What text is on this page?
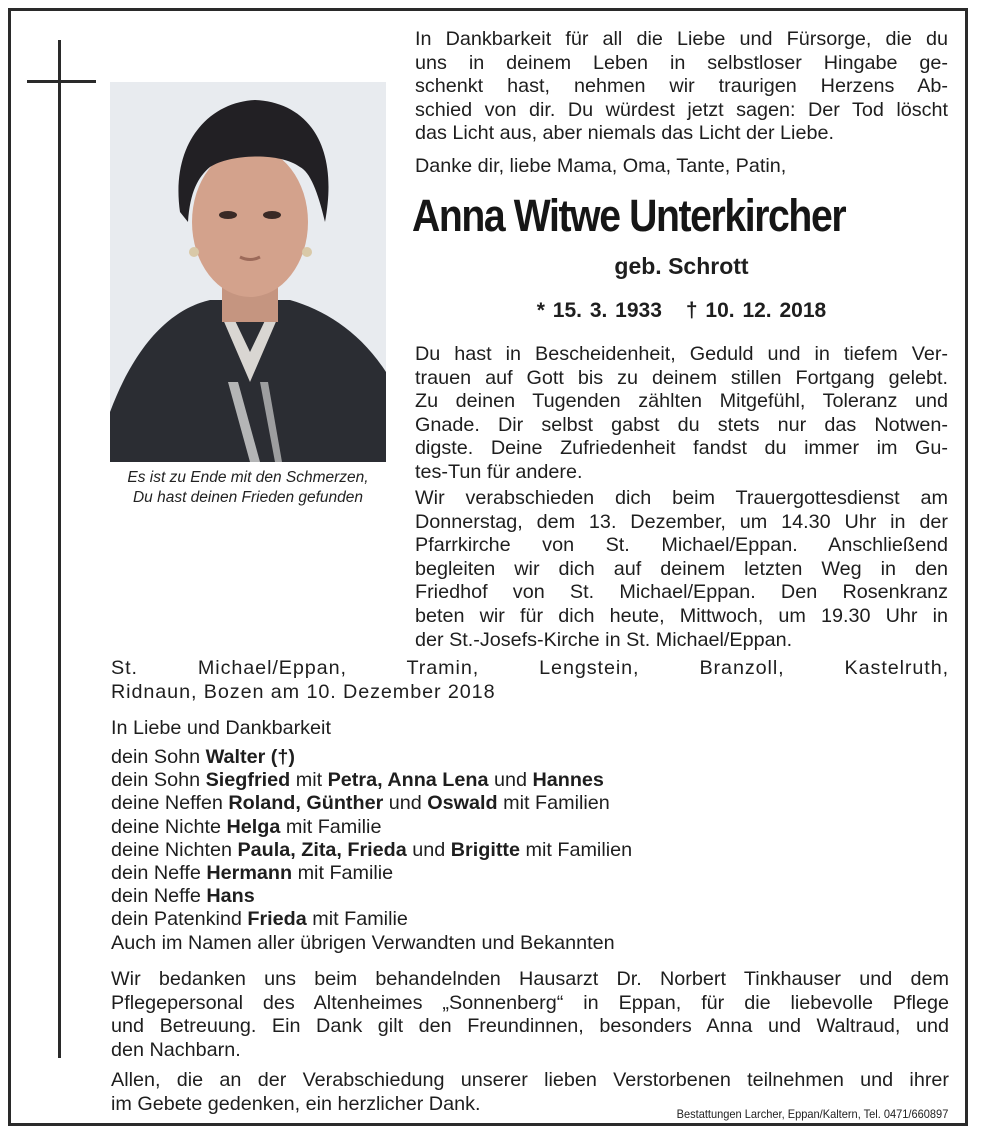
Es ist zu Ende mit den Schmerzen,
Du hast deinen Frieden gefunden
In Dankbarkeit für all die Liebe und Fürsorge, die du
uns in deinem Leben in selbstloser Hingabe ge-
schenkt hast, nehmen wir traurigen Herzens Ab-
schied von dir. Du würdest jetzt sagen: Der Tod löscht
das Licht aus, aber niemals das Licht der Liebe.
Danke dir, liebe Mama, Oma, Tante, Patin,
Anna Witwe Unterkircher
geb. Schrott
* 15. 3. 1933 † 10. 12. 2018
Du hast in Bescheidenheit, Geduld und in tiefem Ver-
trauen auf Gott bis zu deinem stillen Fortgang gelebt.
Zu deinen Tugenden zählten Mitgefühl, Toleranz und
Gnade. Dir selbst gabst du stets nur das Notwen-
digste. Deine Zufriedenheit fandst du immer im Gu-
tes-Tun für andere.
Wir verabschieden dich beim Trauergottesdienst am
Donnerstag, dem 13. Dezember, um 14.30 Uhr in der
Pfarrkirche von St. Michael/Eppan. Anschließend
begleiten wir dich auf deinem letzten Weg in den
Friedhof von St. Michael/Eppan. Den Rosenkranz
beten wir für dich heute, Mittwoch, um 19.30 Uhr in
der St.-Josefs-Kirche in St. Michael/Eppan.
St. Michael/Eppan, Tramin, Lengstein, Branzoll, Kastelruth,
Ridnaun, Bozen am 10. Dezember 2018
In Liebe und Dankbarkeit
dein Sohn Walter (†)
dein Sohn Siegfried mit Petra, Anna Lena und Hannes
deine Neffen Roland, Günther und Oswald mit Familien
deine Nichte Helga mit Familie
deine Nichten Paula, Zita, Frieda und Brigitte mit Familien
dein Neffe Hermann mit Familie
dein Neffe Hans
dein Patenkind Frieda mit Familie
Auch im Namen aller übrigen Verwandten und Bekannten
Wir bedanken uns beim behandelnden Hausarzt Dr. Norbert Tinkhauser und dem
Pflegepersonal des Altenheimes „Sonnenberg“ in Eppan, für die liebevolle Pflege
und Betreuung. Ein Dank gilt den Freundinnen, besonders Anna und Waltraud, und
den Nachbarn.
Allen, die an der Verabschiedung unserer lieben Verstorbenen teilnehmen und ihrer
im Gebete gedenken, ein herzlicher Dank.	Bestattungen Larcher, Eppan/Kaltern, Tel. 0471/660897
